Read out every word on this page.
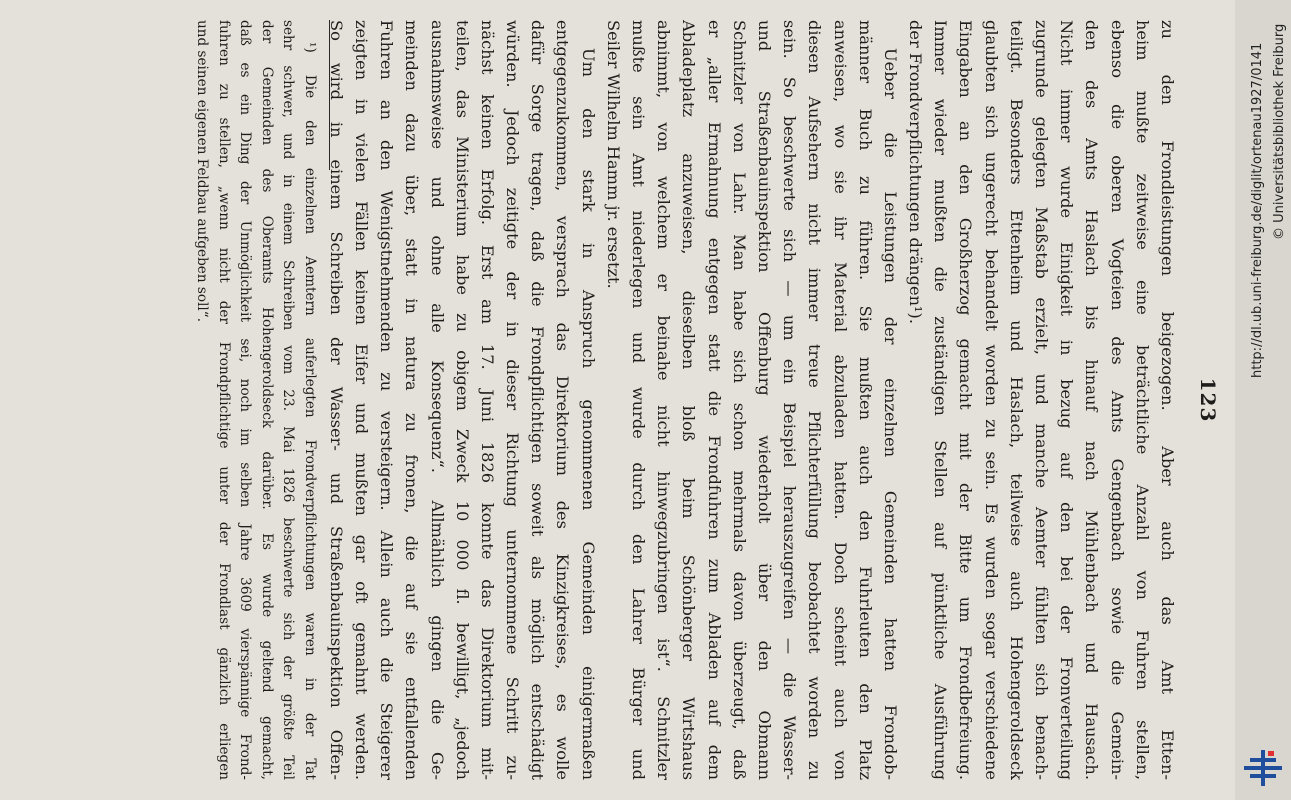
123
zu den Frondleistungen beigezogen. Aber auch das Amt Etten-
heim mußte zeitweise eine beträchtliche Anzahl von Fuhren stellen,
ebenso die oberen Vogteien des Amts Gengenbach sowie die Gemein-
den des Amts Haslach bis hinauf nach Mühlenbach und Hausach.
Nicht immer wurde Einigkeit in bezug auf den bei der Fronverteilung
zugrunde gelegten Maßstab erzielt, und manche Aemter fühlten sich benach-
teiligt. Besonders Ettenheim und Haslach, teilweise auch Hohengeroldseck
glaubten sich ungerecht behandelt worden zu sein. Es wurden sogar verschiedene
Eingaben an den Großherzog gemacht mit der Bitte um Frondbefreiung.
Immer wieder mußten die zuständigen Stellen auf pünktliche Ausführung
der Frondverpflichtungen drängen¹).
Ueber die Leistungen der einzelnen Gemeinden hatten Frondob-
männer Buch zu führen. Sie mußten auch den Fuhrleuten den Platz
anweisen, wo sie ihr Material abzuladen hatten. Doch scheint auch von
diesen Aufsehern nicht immer treue Pflichterfüllung beobachtet worden zu
sein. So beschwerte sich — um ein Beispiel herauszugreifen — die Wasser-
und Straßenbauinspektion Offenburg wiederholt über den Obmann
Schnitzler von Lahr. Man habe sich schon mehrmals davon überzeugt, daß
er „aller Ermahnung entgegen statt die Frondfuhren zum Abladen auf dem
Abladeplatz anzuweisen, dieselben bloß beim Schönberger Wirtshaus
abnimmt, von welchem er beinahe nicht hinwegzubringen ist“. Schnitzler
mußte sein Amt niederlegen und wurde durch den Lahrer Bürger und
Seiler Wilhelm Hamm jr. ersetzt.
Um den stark in Anspruch genommenen Gemeinden einigermaßen
entgegenzukommen, versprach das Direktorium des Kinzigkreises, es wolle
dafür Sorge tragen, daß die Frondpflichtigen soweit als möglich entschädigt
würden. Jedoch zeitigte der in dieser Richtung unternommene Schritt zu-
nächst keinen Erfolg. Erst am 17. Juni 1826 konnte das Direktorium mit-
teilen, das Ministerium habe zu obigem Zweck 10 000 fl. bewilligt, „jedoch
ausnahmsweise und ohne alle Konsequenz“. Allmählich gingen die Ge-
meinden dazu über, statt in natura zu fronen, die auf sie entfallenden
Fuhren an den Wenigstnehmenden zu versteigern. Allein auch die Steigerer
zeigten in vielen Fällen keinen Eifer und mußten gar oft gemahnt werden.
So wird in einem Schreiben der Wasser- und Straßenbauinspektion Offen-
¹) Die den einzelnen Aemtern auferlegten Frondverpflichtungen waren in der Tat
sehr schwer, und in einem Schreiben vom 23. Mai 1826 beschwerte sich der größte Teil
der Gemeinden des Oberamts Hohengeroldseck darüber. Es wurde geltend gemacht,
daß es ein Ding der Unmöglichkeit sei, noch im selben Jahre 3609 vierspännige Frond-
fuhren zu stellen, „wenn nicht der Frondpflichtige unter der Frondlast gänzlich erliegen
und seinen eigenen Feldbau aufgeben soll“.	http://dl.ub.uni-freiburg.de/diglit/ortenau1927/0141 © Universitätsbibliothek Freiburg
